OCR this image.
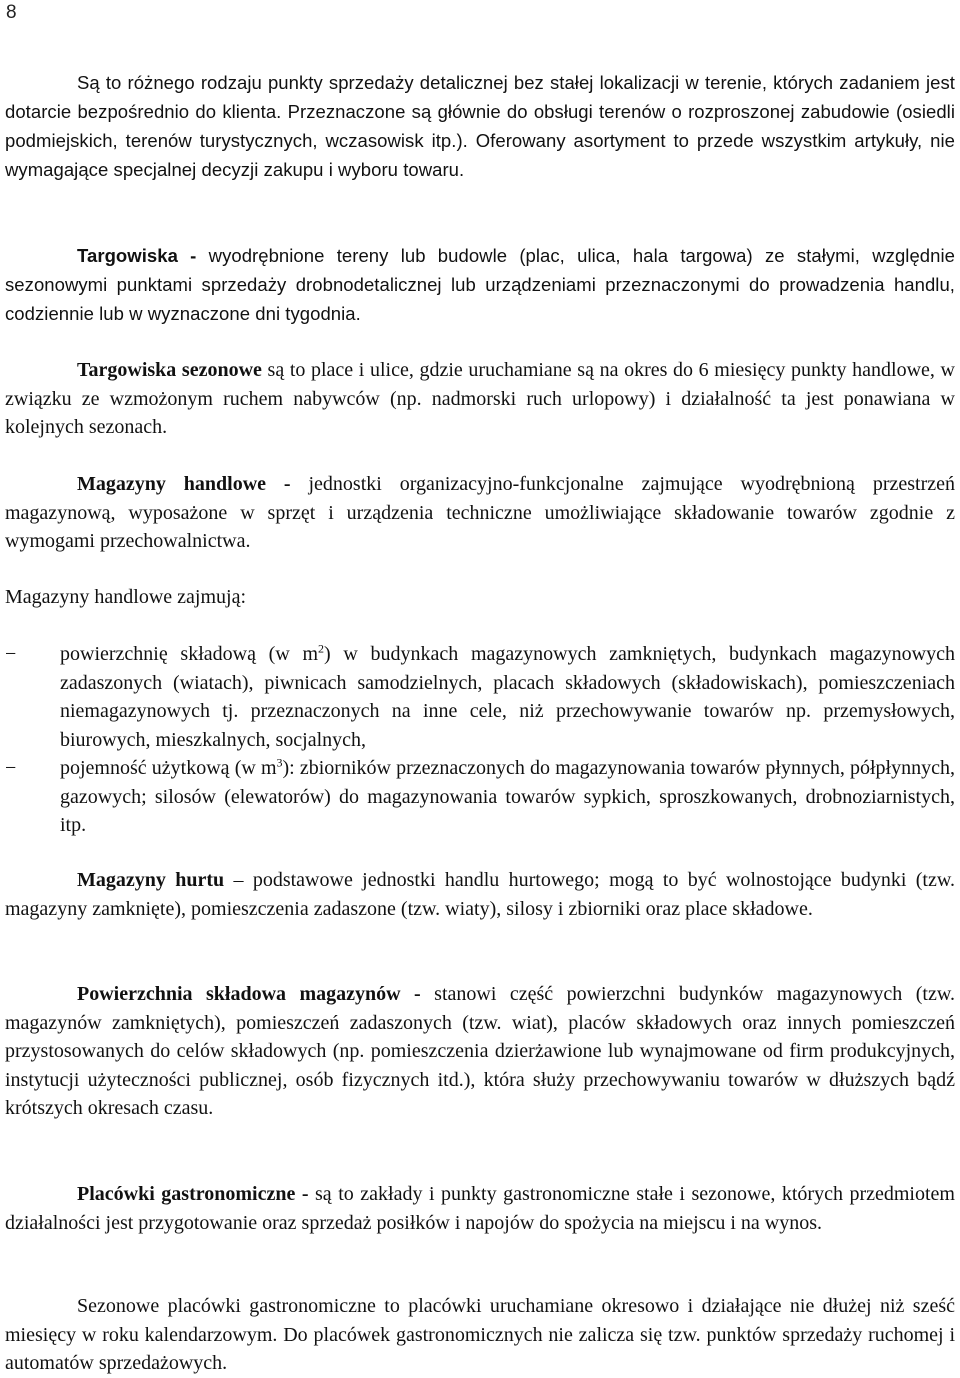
8

Są to różnego rodzaju punkty sprzedaży detalicznej bez stałej lokalizacji w terenie, których zadaniem jest dotarcie bezpośrednio do klienta. Przeznaczone są głównie do obsługi terenów o rozproszonej zabudowie (osiedli podmiejskich, terenów turystycznych, wczasowisk itp.). Oferowany asortyment to przede wszystkim artykuły, nie wymagające specjalnej decyzji zakupu i wyboru towaru.

Targowiska - wyodrębnione tereny lub budowle (plac, ulica, hala targowa) ze stałymi, względnie sezonowymi punktami sprzedaży drobnodetalicznej lub urządzeniami przeznaczonymi do prowadzenia handlu, codziennie lub w wyznaczone dni tygodnia.

Targowiska sezonowe są to place i ulice, gdzie uruchamiane są na okres do 6 miesięcy punkty handlowe, w związku ze wzmożonym ruchem nabywców (np. nadmorski ruch urlopowy) i działalność ta jest ponawiana w kolejnych sezonach.

Magazyny handlowe - jednostki organizacyjno-funkcjonalne zajmujące wyodrębnioną przestrzeń magazynową, wyposażone w sprzęt i urządzenia techniczne umożliwiające składowanie towarów zgodnie z wymogami przechowalnictwa.

Magazyny handlowe zajmują:

− powierzchnię składową (w $m^2$) w budynkach magazynowych zamkniętych, budynkach magazynowych zadaszonych (wiatach), piwnicach samodzielnych, placach składowych (składowiskach), pomieszczeniach niemagazynowych tj. przeznaczonych na inne cele, niż przechowywanie towarów np. przemysłowych, biurowych, mieszkalnych, socjalnych,
− pojemność użytkową (w $m^3$): zbiorników przeznaczonych do magazynowania towarów płynnych, półpłynnych, gazowych; silosów (elewatorów) do magazynowania towarów sypkich, sproszkowanych, drobnoziarnistych, itp.

Magazyny hurtu – podstawowe jednostki handlu hurtowego; mogą to być wolnostojące budynki (tzw. magazyny zamknięte), pomieszczenia zadaszone (tzw. wiaty), silosy i zbiorniki oraz place składowe.

Powierzchnia składowa magazynów - stanowi część powierzchni budynków magazynowych (tzw. magazynów zamkniętych), pomieszczeń zadaszonych (tzw. wiat), placów składowych oraz innych pomieszczeń przystosowanych do celów składowych (np. pomieszczenia dzierżawione lub wynajmowane od firm produkcyjnych, instytucji użyteczności publicznej, osób fizycznych itd.), która służy przechowywaniu towarów w dłuższych bądź krótszych okresach czasu.

Placówki gastronomiczne - są to zakłady i punkty gastronomiczne stałe i sezonowe, których przedmiotem działalności jest przygotowanie oraz sprzedaż posiłków i napojów do spożycia na miejscu i na wynos.

Sezonowe placówki gastronomiczne to placówki uruchamiane okresowo i działające nie dłużej niż sześć miesięcy w roku kalendarzowym. Do placówek gastronomicznych nie zalicza się tzw. punktów sprzedaży ruchomej i automatów sprzedażowych.
